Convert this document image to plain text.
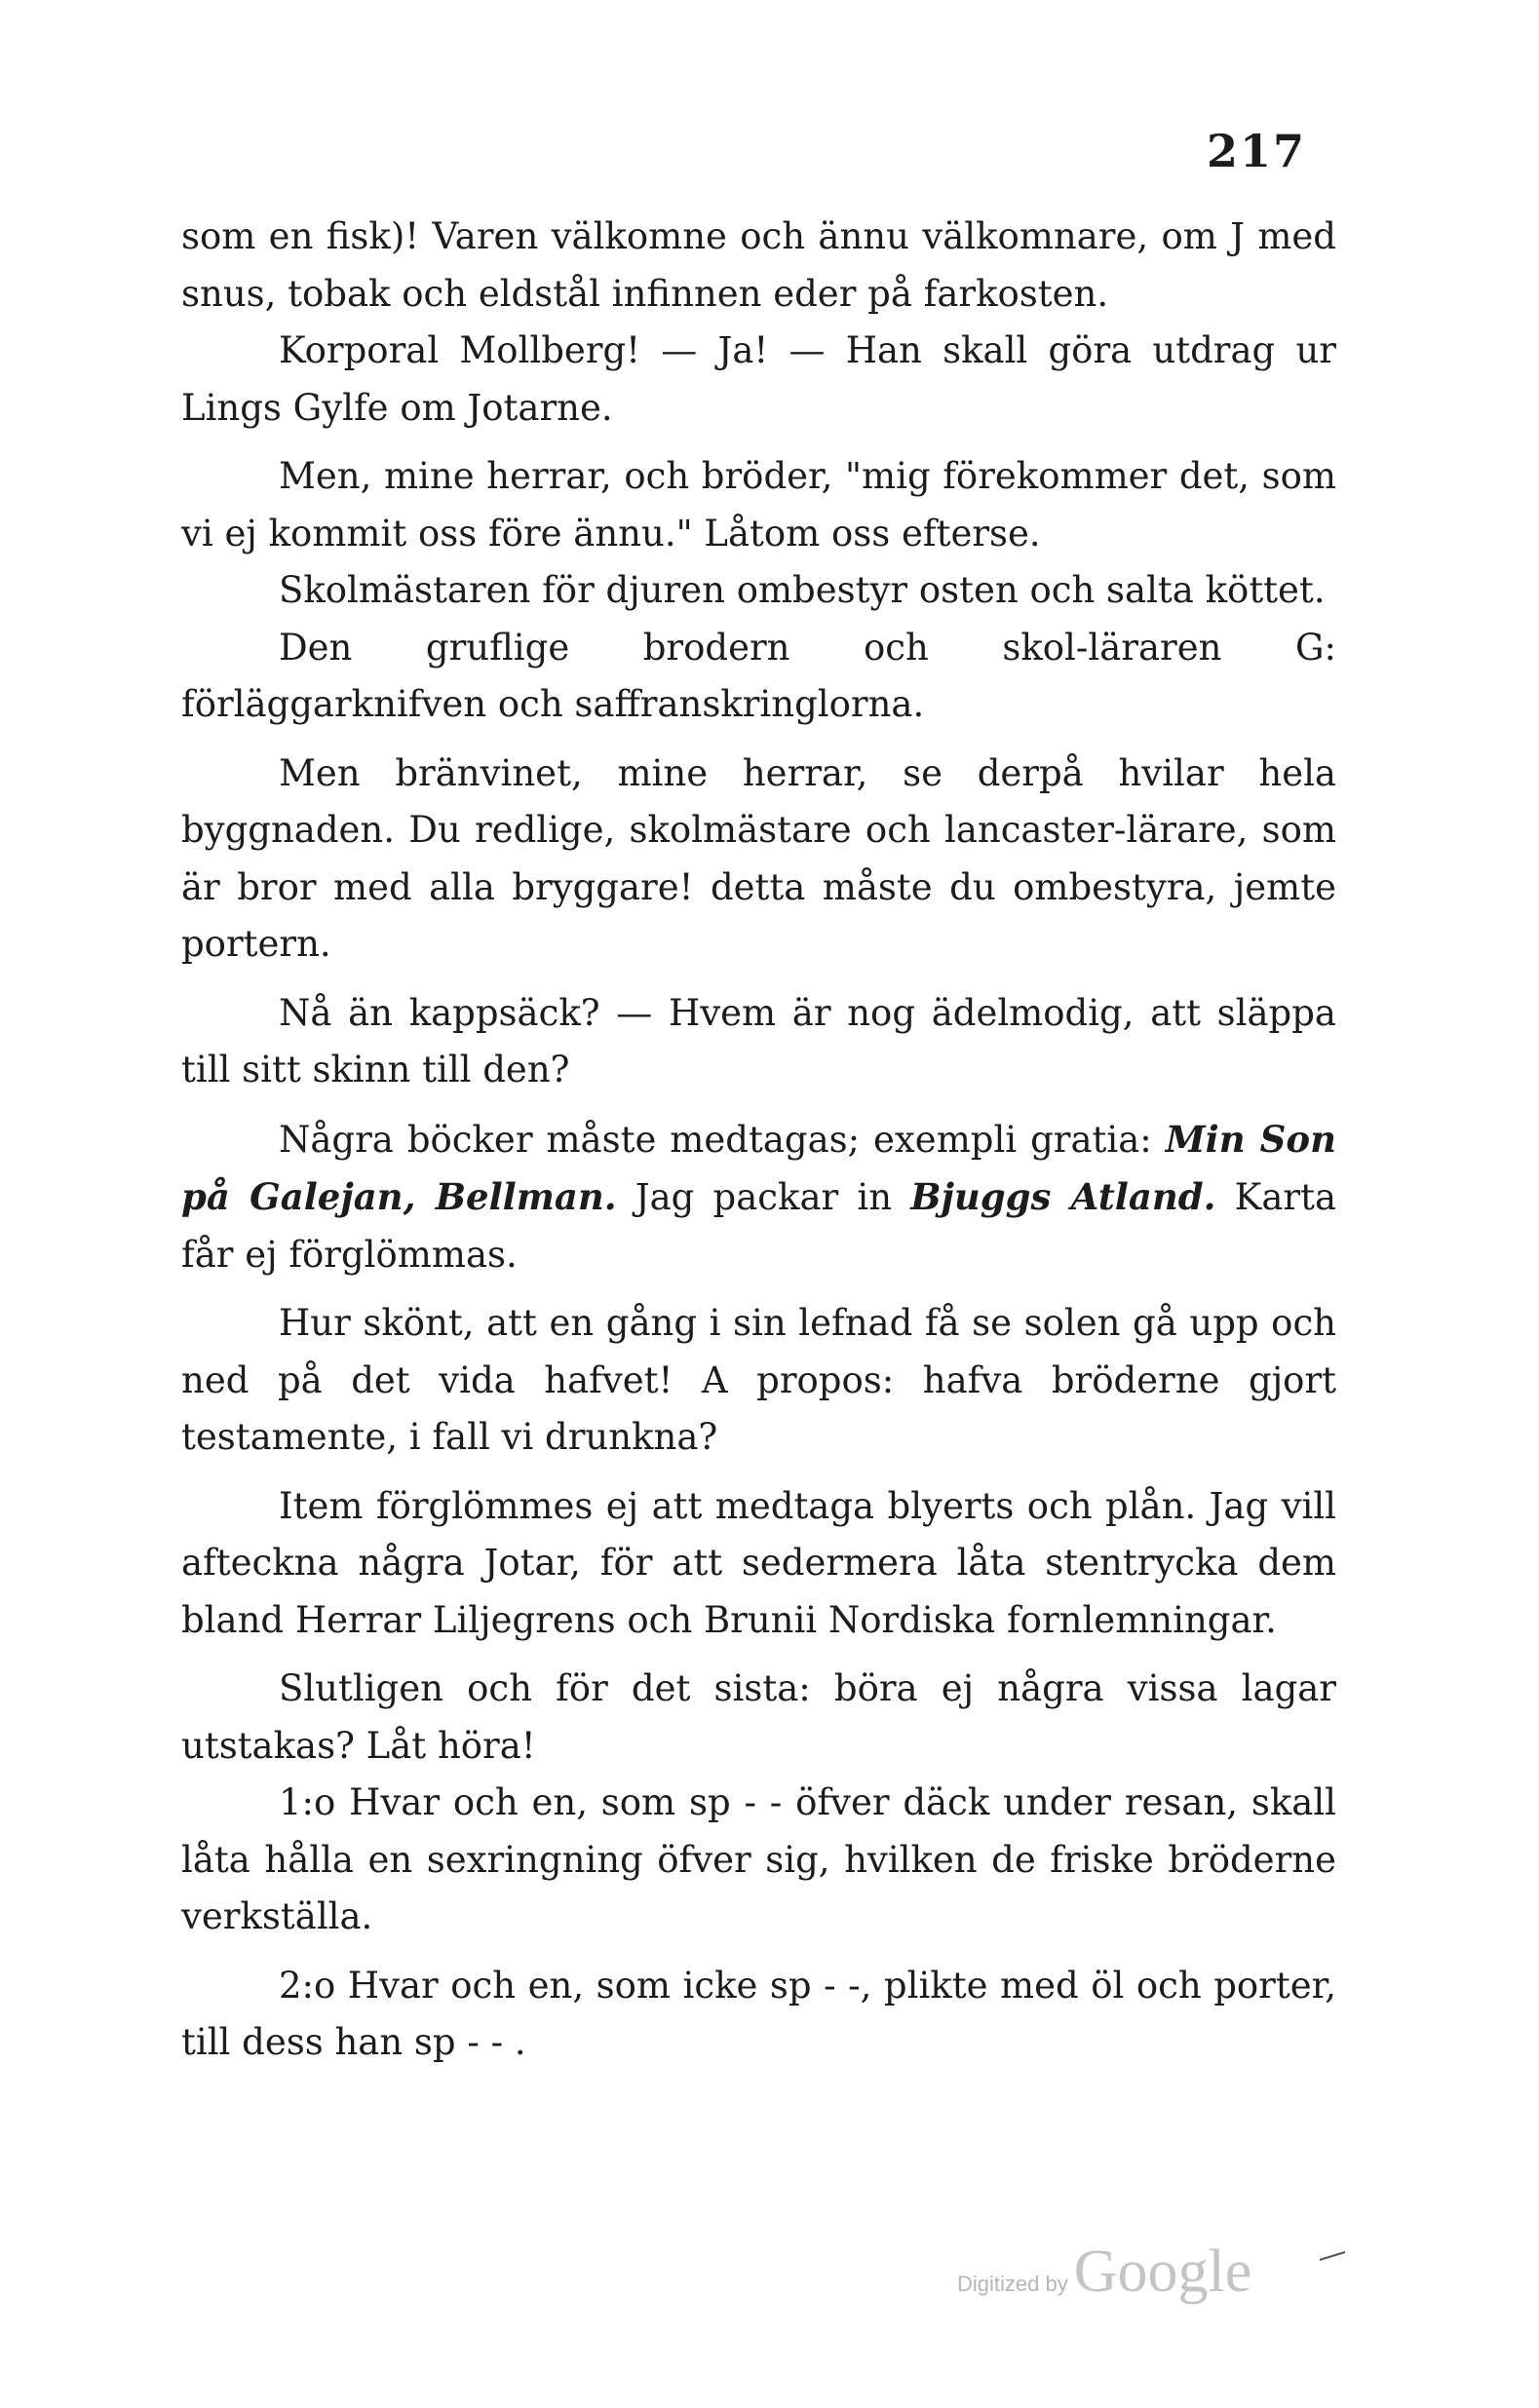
217

som en fisk)! Varen välkomne och ännu välkomnare, om J med snus, tobak och eldstål infinnen eder på farkosten.

Korporal Mollberg! — Ja! — Han skall göra utdrag ur Lings Gylfe om Jotarne.

Men, mine herrar, och bröder, "mig förekommer det, som vi ej kommit oss före ännu." Låtom oss efterse.

Skolmästaren för djuren ombestyr osten och salta köttet.

Den gruflige brodern och skol-läraren G: förläggarknifven och saffranskringlorna.

Men bränvinet, mine herrar, se derpå hvilar hela byggnaden. Du redlige, skolmästare och lancaster-lärare, som är bror med alla bryggare! detta måste du ombestyra, jemte portern.

Nå än kappsäck? — Hvem är nog ädelmodig, att släppa till sitt skinn till den?

Några böcker måste medtagas; exempli gratia: Min Son på Galejan, Bellman. Jag packar in Bjuggs Atland. Karta får ej förglömmas.

Hur skönt, att en gång i sin lefnad få se solen gå upp och ned på det vida hafvet! A propos: hafva bröderne gjort testamente, i fall vi drunkna?

Item förglömmes ej att medtaga blyerts och plån. Jag vill afteckna några Jotar, för att sedermera låta stentrycka dem bland Herrar Liljegrens och Brunii Nordiska fornlemningar.

Slutligen och för det sista: böra ej några vissa lagar utstakas? Låt höra!

1:o Hvar och en, som sp - - öfver däck under resan, skall låta hålla en sexringning öfver sig, hvilken de friske bröderne verkställa.

2:o Hvar och en, som icke sp - -, plikte med öl och porter, till dess han sp - - .

Digitized by Google
